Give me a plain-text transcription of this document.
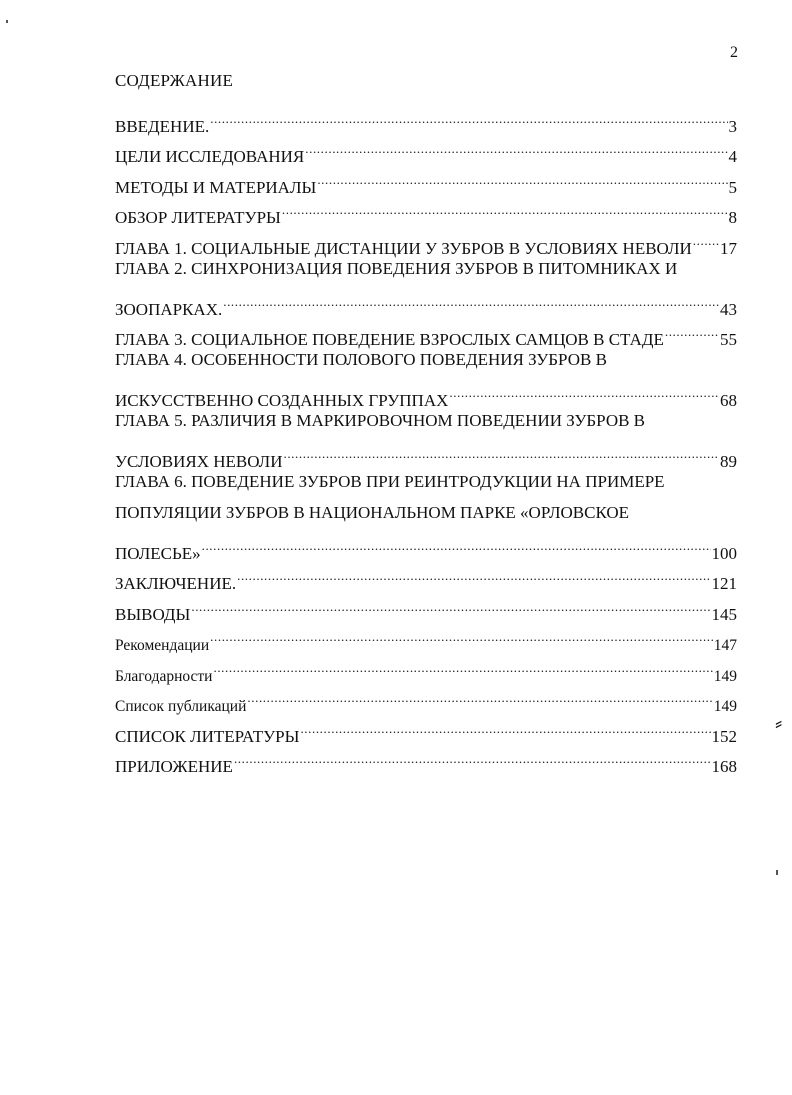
2
СОДЕРЖАНИЕ
ВВЕДЕНИЕ. .....	3
ЦЕЛИ ИССЛЕДОВАНИЯ .....	4
МЕТОДЫ И МАТЕРИАЛЫ .....	5
ОБЗОР ЛИТЕРАТУРЫ .....	8
ГЛАВА 1. СОЦИАЛЬНЫЕ ДИСТАНЦИИ У ЗУБРОВ В УСЛОВИЯХ НЕВОЛИ ..... 17
ГЛАВА 2. СИНХРОНИЗАЦИЯ ПОВЕДЕНИЯ ЗУБРОВ В ПИТОМНИКАХ И
ЗООПАРКАХ. .....	43
ГЛАВА 3. СОЦИАЛЬНОЕ ПОВЕДЕНИЕ ВЗРОСЛЫХ САМЦОВ В СТАДЕ .....	55
ГЛАВА 4. ОСОБЕННОСТИ ПОЛОВОГО ПОВЕДЕНИЯ ЗУБРОВ В
ИСКУССТВЕННО СОЗДАННЫХ ГРУППАХ .....	68
ГЛАВА 5. РАЗЛИЧИЯ В МАРКИРОВОЧНОМ ПОВЕДЕНИИ ЗУБРОВ В
УСЛОВИЯХ НЕВОЛИ .....	89
ГЛАВА 6. ПОВЕДЕНИЕ ЗУБРОВ ПРИ РЕИНТРОДУКЦИИ НА ПРИМЕРЕ
ПОПУЛЯЦИИ ЗУБРОВ В НАЦИОНАЛЬНОМ ПАРКЕ «ОРЛОВСКОЕ
ПОЛЕСЬЕ» .....	100
ЗАКЛЮЧЕНИЕ. .....	121
ВЫВОДЫ .....	145
Рекомендации .....	147
Благодарности .....	149
Список публикаций .....	149
СПИСОК ЛИТЕРАТУРЫ .....	152
ПРИЛОЖЕНИЕ .....	168
⸗
